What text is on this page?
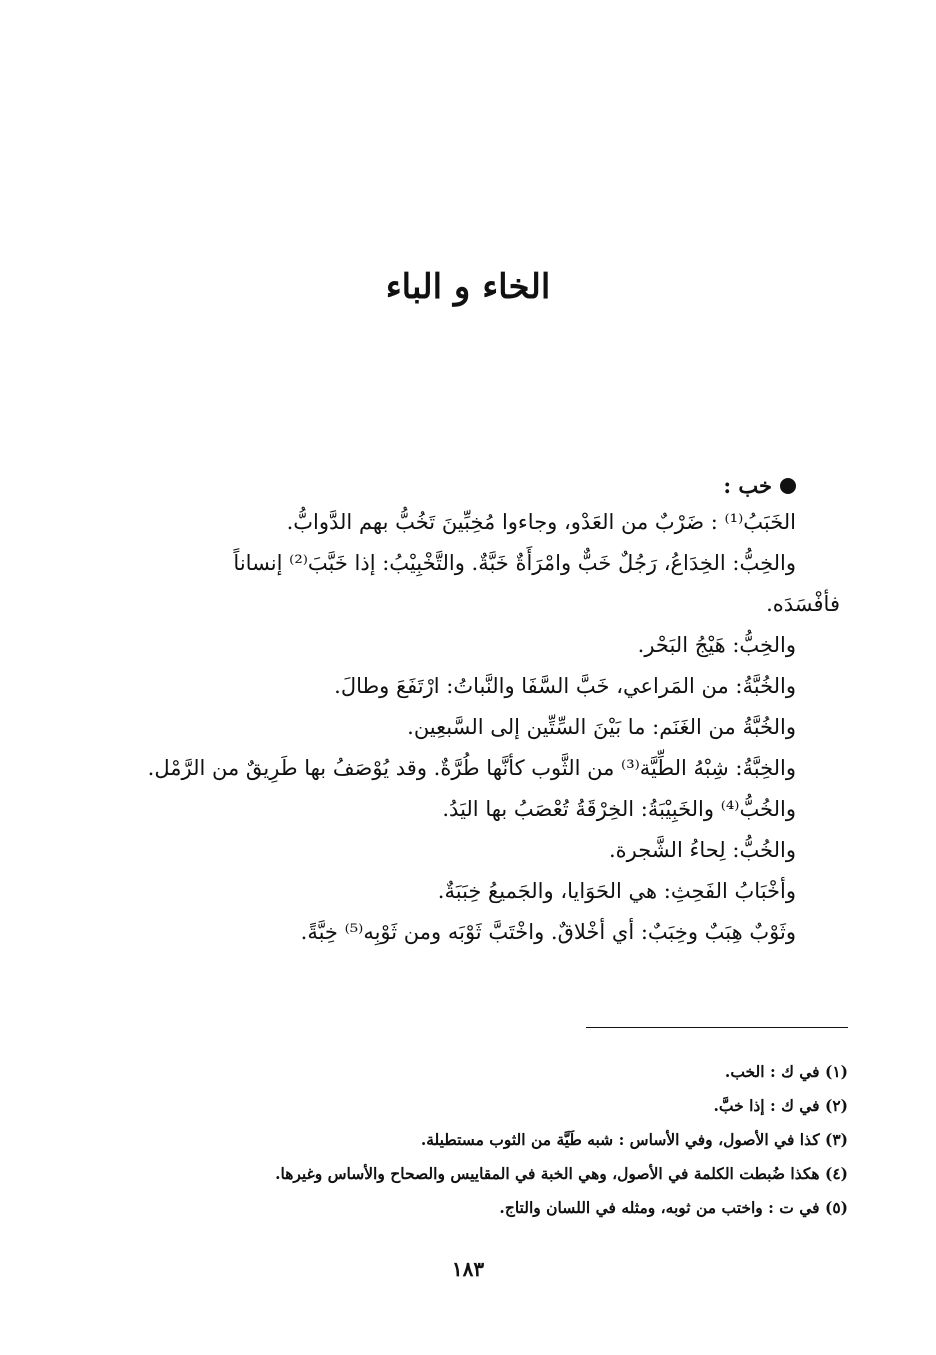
الخاء و الباء
خب :
الخَبَبُ⁽¹⁾ : ضَرْبٌ من العَدْو، وجاءوا مُخِبِّينَ تَخُبُّ بهم الدَّوابُّ.
والخِبُّ: الخِدَاعُ، رَجُلٌ خَبٌّ وامْرَأَةٌ خَبَّةٌ. والتَّخْبِيْبُ: إذا خَبَّبَ⁽²⁾ إنساناً
فأفْسَدَه.
والخِبُّ: هَيْجُ البَحْر.
والخُبَّةُ: من المَراعي، خَبَّ السَّفَا والنَّباتُ: ارْتَفَعَ وطالَ.
والخُبَّةُ من الغَنَم: ما بَيْنَ السِّتِّين إلى السَّبعِين.
والخِبَّةُ: شِبْهُ الطِّيَّة⁽³⁾ من الثَّوب كأنَّها طُرَّةٌ. وقد يُوْصَفُ بها طَرِيقٌ من الرَّمْل.
والخُبُّ⁽⁴⁾ والخَبِيْبَةُ: الخِرْقَةُ تُعْصَبُ بها اليَدُ.
والخُبُّ: لِحاءُ الشَّجرة.
وأخْبَابُ الفَحِثِ: هي الحَوَايا، والجَميعُ خِبَبَةٌ.
وثَوْبٌ هِبَبٌ وخِبَبٌ: أي أخْلاقٌ. واخْتَبَّ ثَوْبَه ومن ثَوْبِه⁽⁵⁾ خِبَّةً.
(١) في ك : الخب.
(٢) في ك : إذا خبَّ.
(٣) كذا في الأصول، وفي الأساس : شبه طَيَّة من الثوب مستطيلة.
(٤) هكذا ضُبطت الكلمة في الأصول، وهي الخبة في المقاييس والصحاح والأساس وغيرها.
(٥) في ت : واختب من ثوبه، ومثله في اللسان والتاج.
١٨٣
